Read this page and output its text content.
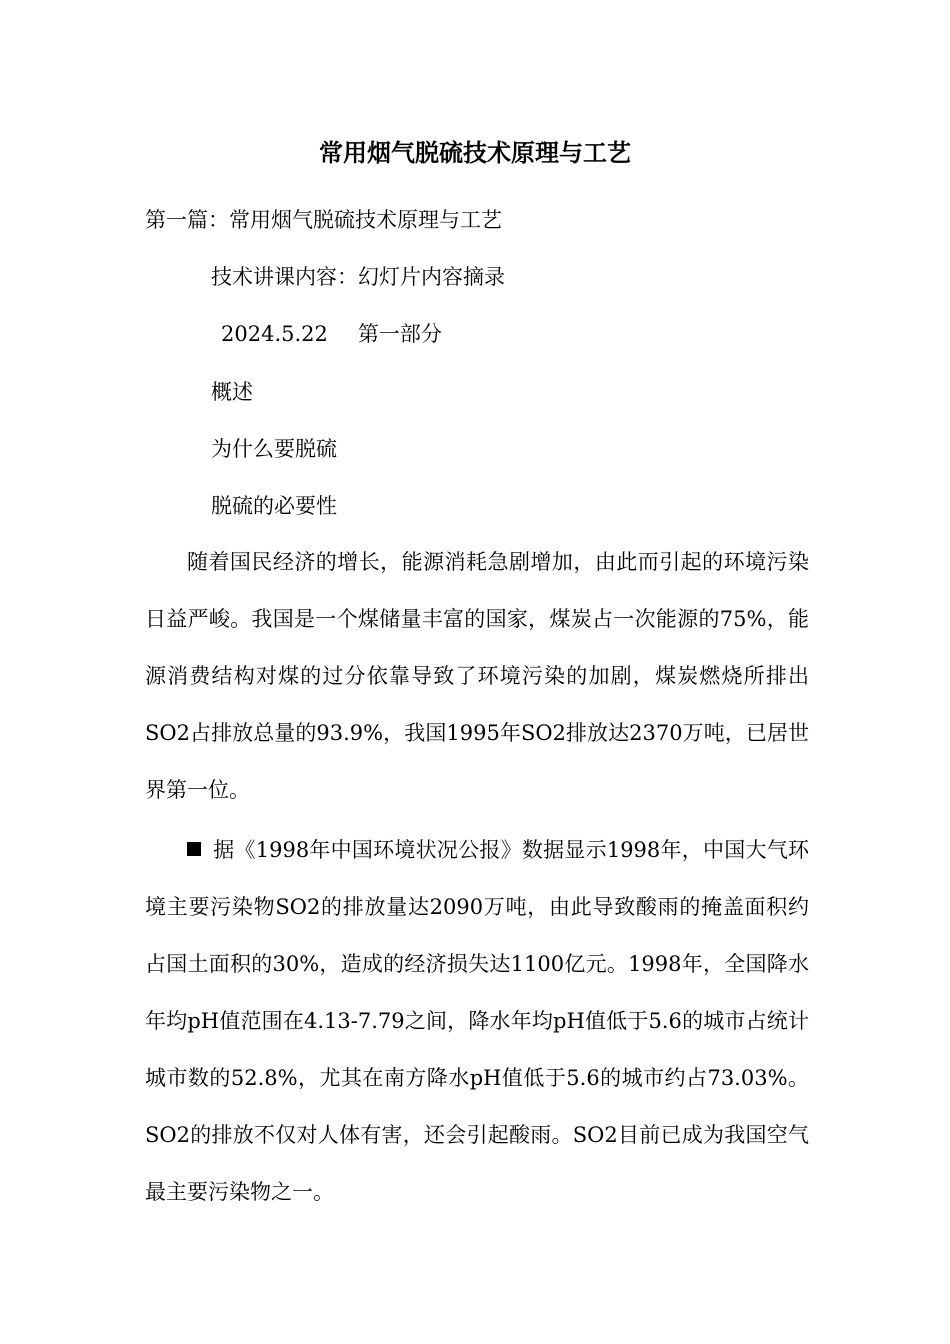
常用烟气脱硫技术原理与工艺
第一篇：常用烟气脱硫技术原理与工艺
技术讲课内容：幻灯片内容摘录
2024.5.22 第一部分
概述
为什么要脱硫
脱硫的必要性
随着国民经济的增长，能源消耗急剧增加，由此而引起的环境污染日益严峻。我国是一个煤储量丰富的国家，煤炭占一次能源的75%，能源消费结构对煤的过分依靠导致了环境污染的加剧，煤炭燃烧所排出SO2占排放总量的93.9%，我国1995年SO2排放达2370万吨，已居世界第一位。
据《1998年中国环境状况公报》数据显示1998年，中国大气环境主要污染物SO2的排放量达2090万吨，由此导致酸雨的掩盖面积约占国土面积的30%，造成的经济损失达1100亿元。1998年，全国降水年均pH值范围在4.13-7.79之间，降水年均pH值低于5.6的城市占统计城市数的52.8%，尤其在南方降水pH值低于5.6的城市约占73.03%。 SO2的排放不仅对人体有害，还会引起酸雨。SO2目前已成为我国空气最主要污染物之一。
